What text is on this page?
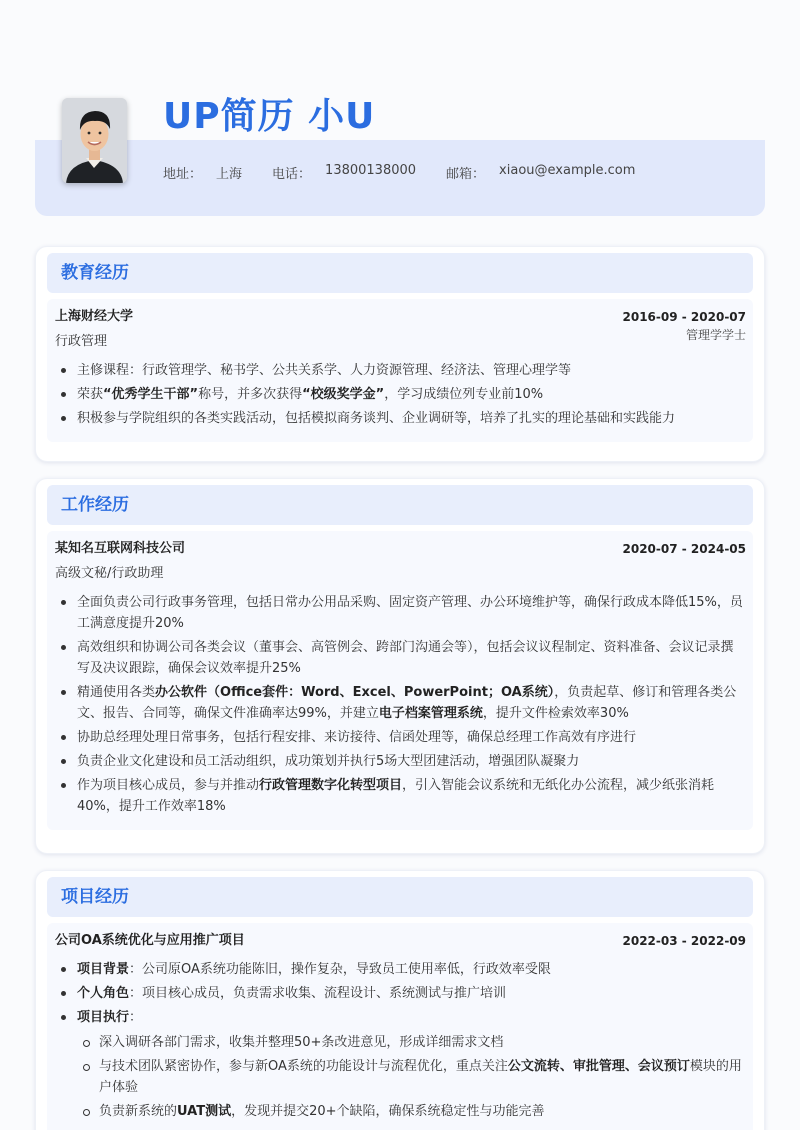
UP简历 小U
地址： 上海 电话： 13800138000 邮箱： xiaou@example.com
教育经历
上海财经大学
行政管理
2016-09 - 2020-07
管理学学士
主修课程：行政管理学、秘书学、公共关系学、人力资源管理、经济法、管理心理学等
荣获“优秀学生干部”称号，并多次获得“校级奖学金”，学习成绩位列专业前10%
积极参与学院组织的各类实践活动，包括模拟商务谈判、企业调研等，培养了扎实的理论基础和实践能力
工作经历
某知名互联网科技公司
高级文秘/行政助理
2020-07 - 2024-05
全面负责公司行政事务管理，包括日常办公用品采购、固定资产管理、办公环境维护等，确保行政成本降低15%，员工满意度提升20%
高效组织和协调公司各类会议（董事会、高管例会、跨部门沟通会等），包括会议议程制定、资料准备、会议记录撰写及决议跟踪，确保会议效率提升25%
精通使用各类办公软件（Office套件：Word、Excel、PowerPoint；OA系统），负责起草、修订和管理各类公文、报告、合同等，确保文件准确率达99%，并建立电子档案管理系统，提升文件检索效率30%
协助总经理处理日常事务，包括行程安排、来访接待、信函处理等，确保总经理工作高效有序进行
负责企业文化建设和员工活动组织，成功策划并执行5场大型团建活动，增强团队凝聚力
作为项目核心成员，参与并推动行政管理数字化转型项目，引入智能会议系统和无纸化办公流程，减少纸张消耗40%，提升工作效率18%
项目经历
公司OA系统优化与应用推广项目	2022-03 - 2022-09
项目背景：公司原OA系统功能陈旧，操作复杂，导致员工使用率低，行政效率受限
个人角色：项目核心成员，负责需求收集、流程设计、系统测试与推广培训
项目执行：
深入调研各部门需求，收集并整理50+条改进意见，形成详细需求文档
与技术团队紧密协作，参与新OA系统的功能设计与流程优化，重点关注公文流转、审批管理、会议预订模块的用户体验
负责新系统的UAT测试，发现并提交20+个缺陷，确保系统稳定性与功能完善
